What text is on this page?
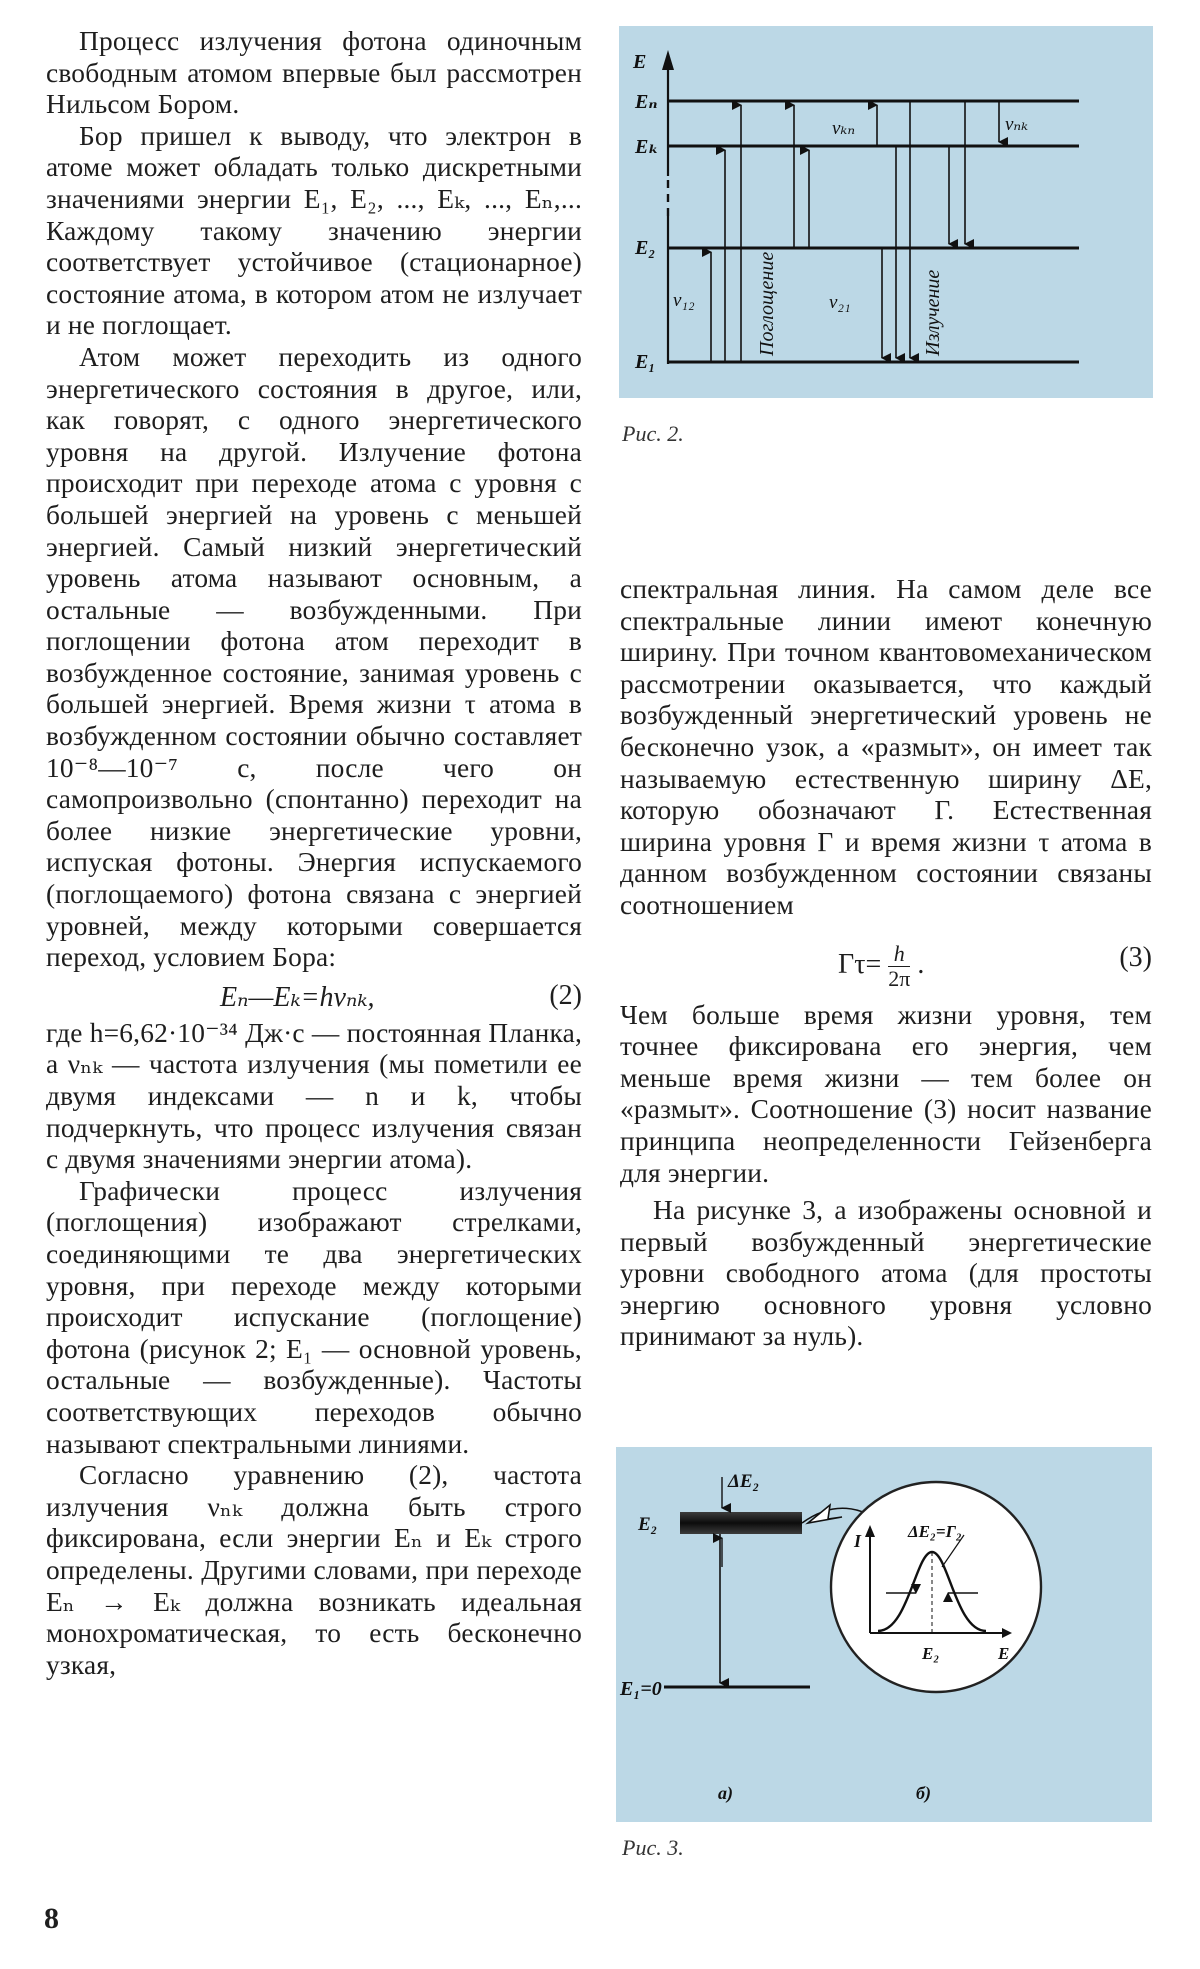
Процесс излучения фотона одиночным свободным атомом впервые был рассмотрен Нильсом Бором.

Бор пришел к выводу, что электрон в атоме может обладать только дискретными значениями энергии E₁, E₂, ..., Eₖ, ..., Eₙ,... Каждому такому значению энергии соответствует устойчивое (стационарное) состояние атома, в котором атом не излучает и не поглощает.

Атом может переходить из одного энергетического состояния в другое, или, как говорят, с одного энергетического уровня на другой. Излучение фотона происходит при переходе атома с уровня с большей энергией на уровень с меньшей энергией. Самый низкий энергетический уровень атома называют основным, а остальные — возбужденными. При поглощении фотона атом переходит в возбужденное состояние, занимая уровень с большей энергией. Время жизни τ атома в возбужденном состоянии обычно составляет 10⁻⁸—10⁻⁷ с, после чего он самопроизвольно (спонтанно) переходит на более низкие энергетические уровни, испуская фотоны. Энергия испускаемого (поглощаемого) фотона связана с энергией уровней, между которыми совершается переход, условием Бора:

Eₙ—Eₖ=hνₙₖ,	(2)

где h=6,62·10⁻³⁴ Дж·с — постоянная Планка, а νₙₖ — частота излучения (мы пометили ее двумя индексами — n и k, чтобы подчеркнуть, что процесс излучения связан с двумя значениями энергии атома).

Графически процесс излучения (поглощения) изображают стрелками, соединяющими те два энергетических уровня, при переходе между которыми происходит испускание (поглощение) фотона (рисунок 2; E₁ — основной уровень, остальные — возбужденные). Частоты соответствующих переходов обычно называют спектральными линиями.

Согласно уравнению (2), частота излучения νₙₖ должна быть строго фиксирована, если энергии Eₙ и Eₖ строго определены. Другими словами, при переходе Eₙ → Eₖ должна возникать идеальная монохроматическая, то есть бесконечно узкая,

E
Eₙ
Eₖ
E₂
E₁
νₖₙ	νₙₖ
ν₁₂	ν₂₁
Поглощение	Излучение
Рис. 2.

спектральная линия. На самом деле все спектральные линии имеют конечную ширину. При точном квантовомеханическом рассмотрении оказывается, что каждый возбужденный энергетический уровень не бесконечно узок, а «размыт», он имеет так называемую естественную ширину ΔE, которую обозначают Γ. Естественная ширина уровня Γ и время жизни τ атома в данном возбужденном состоянии связаны соотношением

$\Gamma\tau= \frac{h}{2\pi}$ .	(3)

Чем больше время жизни уровня, тем точнее фиксирована его энергия, чем меньше время жизни — тем более он «размыт». Соотношение (3) носит название принципа неопределенности Гейзенберга для энергии.

На рисунке 3, а изображены основной и первый возбужденный энергетические уровни свободного атома (для простоты энергию основного уровня условно принимают за нуль).

ΔE₂
E₂
E₁=0
I	ΔE₂=Γ₂
E₂	E
а)	б)
Рис. 3.
8
